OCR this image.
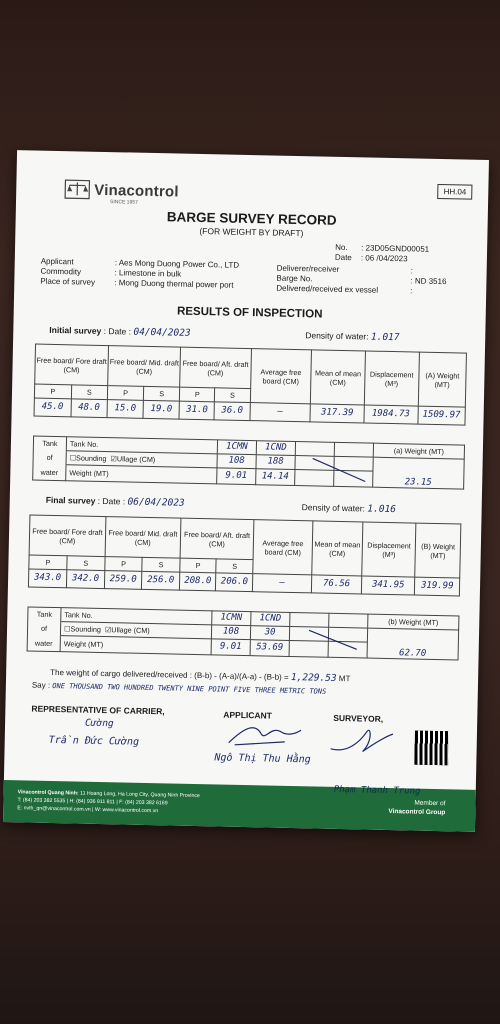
Vinacontrol
SINCE 1957
HH.04
BARGE SURVEY RECORD
(FOR WEIGHT BY DRAFT)
No. : 23D05GND00051
Date : 06 /04/2023
Applicant	: Aes Mong Duong Power Co., LTD
Commodity	: Limestone in bulk
Place of survey : Mong Duong thermal power port
Deliverer/receiver	:
Barge No.	: ND 3516
Delivered/received ex vessel	:
RESULTS OF INSPECTION
Initial survey : Date : 04/04/2023	Density of water: 1.017
Free board/ Fore draft (CM)		Free board/ Mid. draft (CM)		Free board/ Aft. draft (CM)		Average free board (CM)	Mean of mean (CM)	Displacement (M³)	(A) Weight (MT)
P	S	P	S	P	S				
45.0	48.0	15.0	19.0	31.0	36.0	—	317.39	1984.73	1509.97
Tank	Tank No.	1CMN	1CND			(a) Weight (MT)
of	☐Sounding ☑Ullage (CM)	108	188			23.15
water	Weight (MT)	9.01	14.14			
Final survey : Date : 06/04/2023	Density of water: 1.016
Free board/ Fore draft (CM)		Free board/ Mid. draft (CM)		Free board/ Aft. draft (CM)		Average free board (CM)	Mean of mean (CM)	Displacement (M³)	(B) Weight (MT)
P	S	P	S	P	S				
343.0	342.0	259.0	256.0	208.0	206.0	—	76.56	341.95	319.99
Tank	Tank No.	1CMN	1CND			(b) Weight (MT)
of	☐Sounding ☑Ullage (CM)	108	30			62.70
water	Weight (MT)	9.01	53.69			
The weight of cargo delivered/received : (B-b) - (A-a)/(A-a) - (B-b) = 1,229.53 MT
Say : ONE THOUSAND TWO HUNDRED TWENTY NINE POINT FIVE THREE METRIC TONS
REPRESENTATIVE OF CARRIER,	APPLICANT	SURVEYOR,
Cường
Trần Đức Cường
Ngô Thị Thu Hằng
Vinacontrol Quang Ninh: 11 Hoang Long, Ha Long City, Quang Ninh Province
T: (84) 203 382 5535 | H: (84) 936 911 811 | F: (84) 203 382 6169
E: nvth_qn@vinacontrol.com.vn | W: www.vinacontrol.com.vn
Phạm Thanh Trung
Member of
Vinacontrol Group
